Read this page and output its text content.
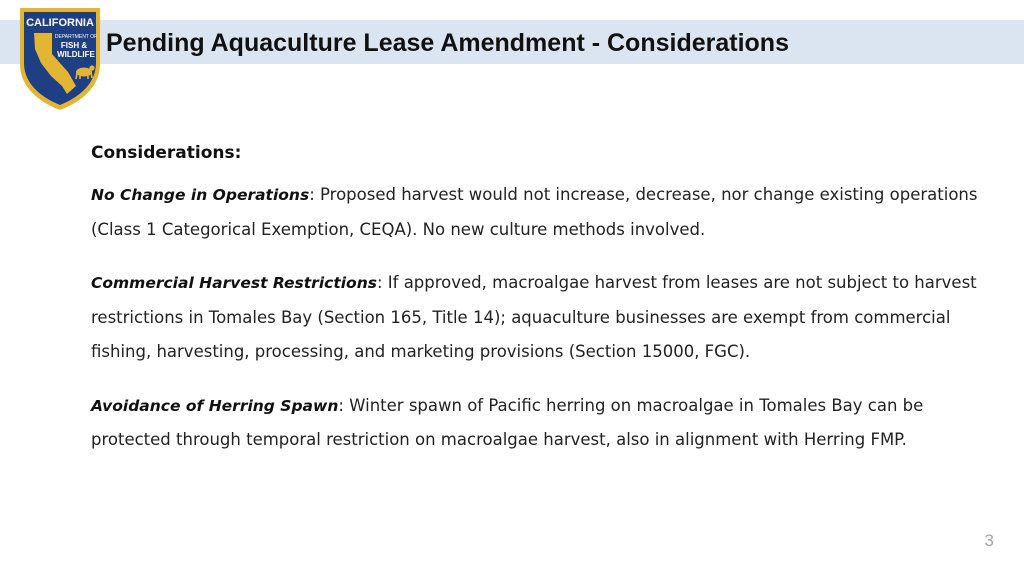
Pending Aquaculture Lease Amendment - Considerations
CALIFORNIA
DEPARTMENT OF
FISH &
WILDLIFE
Considerations:

No Change in Operations: Proposed harvest would not increase, decrease, nor change existing operations (Class 1 Categorical Exemption, CEQA). No new culture methods involved.

Commercial Harvest Restrictions: If approved, macroalgae harvest from leases are not subject to harvest restrictions in Tomales Bay (Section 165, Title 14); aquaculture businesses are exempt from commercial fishing, harvesting, processing, and marketing provisions (Section 15000, FGC).

Avoidance of Herring Spawn: Winter spawn of Pacific herring on macroalgae in Tomales Bay can be protected through temporal restriction on macroalgae harvest, also in alignment with Herring FMP.

3
